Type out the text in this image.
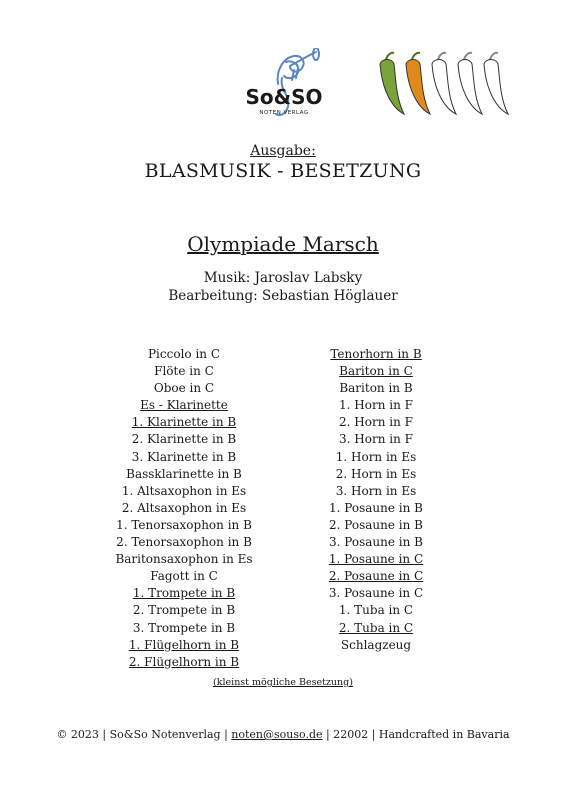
So&SO
NOTEN VERLAG
Ausgabe:
BLASMUSIK - BESETZUNG
Olympiade Marsch
Musik: Jaroslav Labsky
Bearbeitung: Sebastian Höglauer
Piccolo in C
Flöte in C
Oboe in C
Es - Klarinette
1. Klarinette in B
2. Klarinette in B
3. Klarinette in B
Bassklarinette in B
1. Altsaxophon in Es
2. Altsaxophon in Es
1. Tenorsaxophon in B
2. Tenorsaxophon in B
Baritonsaxophon in Es
Fagott in C
1. Trompete in B
2. Trompete in B
3. Trompete in B
1. Flügelhorn in B
2. Flügelhorn in B
Tenorhorn in B
Bariton in C
Bariton in B
1. Horn in F
2. Horn in F
3. Horn in F
1. Horn in Es
2. Horn in Es
3. Horn in Es
1. Posaune in B
2. Posaune in B
3. Posaune in B
1. Posaune in C
2. Posaune in C
3. Posaune in C
1. Tuba in C
2. Tuba in C
Schlagzeug
(kleinst mögliche Besetzung)
© 2023 | So&So Notenverlag | noten@souso.de | 22002 | Handcrafted in Bavaria
